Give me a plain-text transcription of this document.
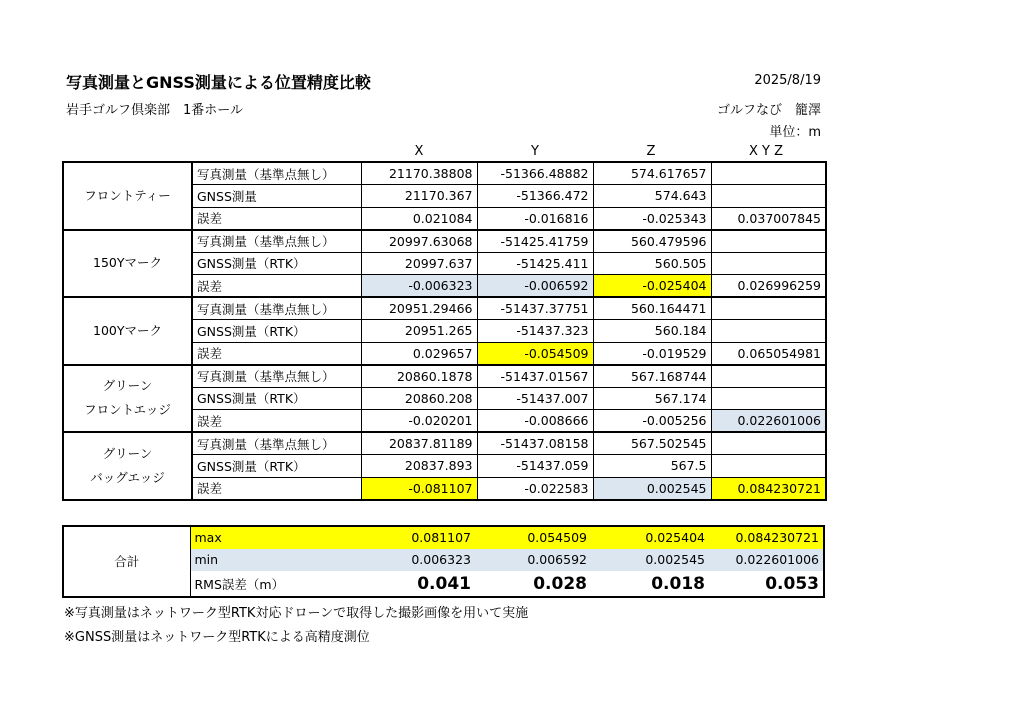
写真測量とGNSS測量による位置精度比較	2025/8/19
岩手ゴルフ倶楽部　1番ホール	ゴルフなび　籠澤
単位：m
X	Y	Z	X Y Z
フロントティー	写真測量（基準点無し）	21170.38808	-51366.48882	574.617657	
	GNSS測量	21170.367	-51366.472	574.643	
	誤差	0.021084	-0.016816	-0.025343	0.037007845

150Yマーク	写真測量（基準点無し）	20997.63068	-51425.41759	560.479596	
	GNSS測量（RTK）	20997.637	-51425.411	560.505	
	誤差	-0.006323	-0.006592	-0.025404	0.026996259

100Yマーク	写真測量（基準点無し）	20951.29466	-51437.37751	560.164471	
	GNSS測量（RTK）	20951.265	-51437.323	560.184	
	誤差	0.029657	-0.054509	-0.019529	0.065054981

グリーン
フロントエッジ	写真測量（基準点無し）	20860.1878	-51437.01567	567.168744	
	GNSS測量（RTK）	20860.208	-51437.007	567.174	
	誤差	-0.020201	-0.008666	-0.005256	0.022601006

グリーン
バッグエッジ	写真測量（基準点無し）	20837.81189	-51437.08158	567.502545	
	GNSS測量（RTK）	20837.893	-51437.059	567.5	
	誤差	-0.081107	-0.022583	0.002545	0.084230721
合計	max	0.081107	0.054509	0.025404	0.084230721
	min	0.006323	0.006592	0.002545	0.022601006
	RMS誤差（m）	0.041	0.028	0.018	0.053
※写真測量はネットワーク型RTK対応ドローンで取得した撮影画像を用いて実施
※GNSS測量はネットワーク型RTKによる高精度測位
